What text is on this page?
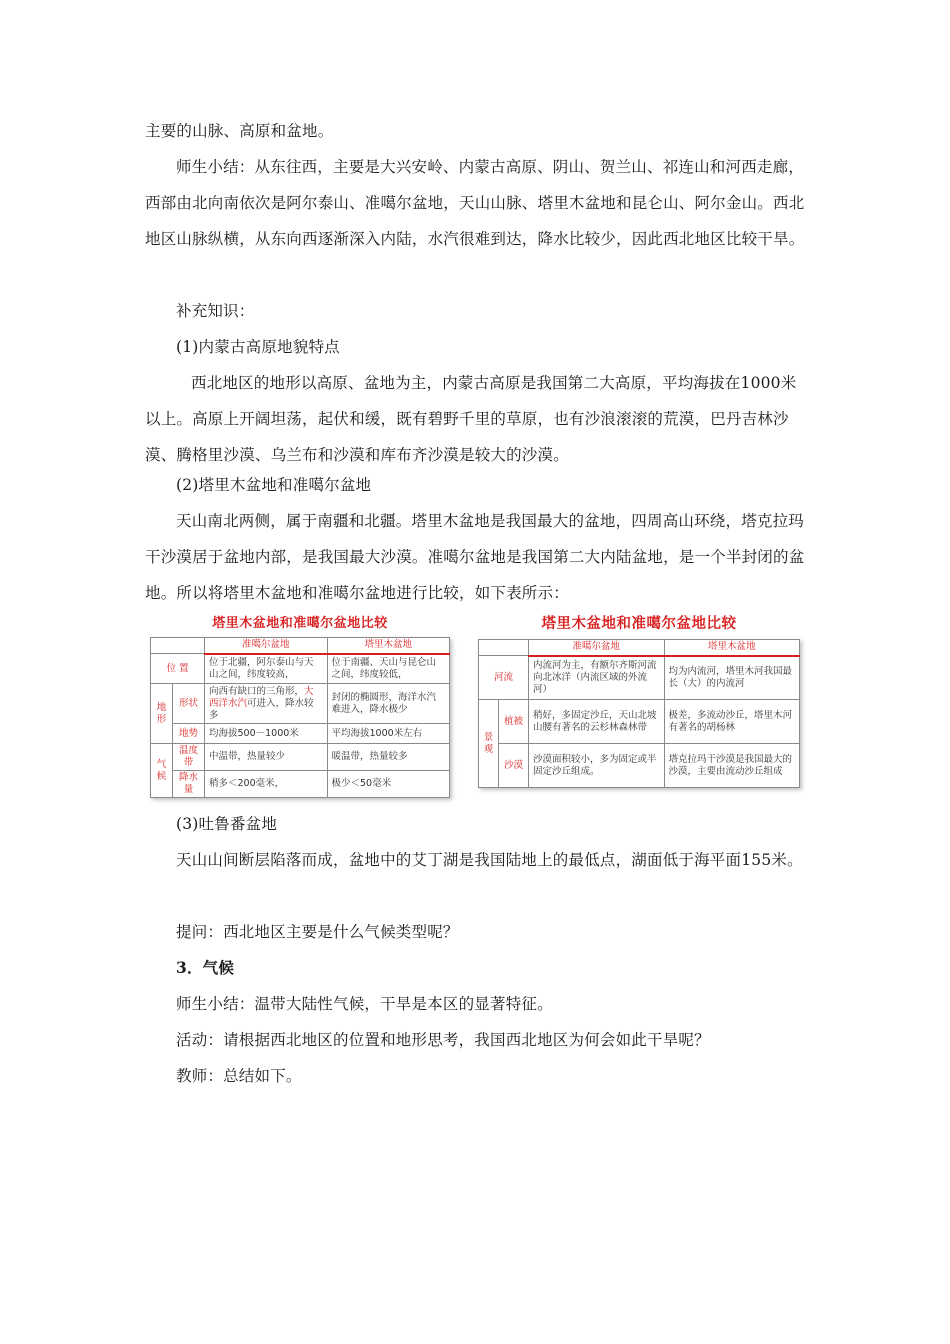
主要的山脉、高原和盆地。

师生小结：从东往西，主要是大兴安岭、内蒙古高原、阴山、贺兰山、祁连山和河西走廊，西部由北向南依次是阿尔泰山、准噶尔盆地，天山山脉、塔里木盆地和昆仑山、阿尔金山。西北地区山脉纵横，从东向西逐渐深入内陆，水汽很难到达，降水比较少，因此西北地区比较干旱。

补充知识：

(1)内蒙古高原地貌特点

西北地区的地形以高原、盆地为主，内蒙古高原是我国第二大高原，平均海拔在1000米以上。高原上开阔坦荡，起伏和缓，既有碧野千里的草原，也有沙浪滚滚的荒漠，巴丹吉林沙漠、腾格里沙漠、乌兰布和沙漠和库布齐沙漠是较大的沙漠。

(2)塔里木盆地和准噶尔盆地

天山南北两侧，属于南疆和北疆。塔里木盆地是我国最大的盆地，四周高山环绕，塔克拉玛干沙漠居于盆地内部，是我国最大沙漠。准噶尔盆地是我国第二大内陆盆地，是一个半封闭的盆地。所以将塔里木盆地和准噶尔盆地进行比较，如下表所示：

塔里木盆地和准噶尔盆地比较
		准噶尔盆地	塔里木盆地
位 置		位于北疆，阿尔泰山与天山之间，纬度较高，	位于南疆、天山与昆仑山之间，纬度较低，
地形	形状	向西有缺口的三角形，大西洋水汽可进入，降水较多	封闭的椭圆形，海洋水汽难进入，降水极少
	地势	均海拔500－1000米	平均海拔1000米左右
气候	温度带	中温带，热量较少	暖温带，热量较多
	降水量	稍多＜200毫米，	极少＜50毫米
塔里木盆地和准噶尔盆地比较
		准噶尔盆地	塔里木盆地
河流		内流河为主，有额尔齐斯河流向北冰洋（内流区域的外流河）	均为内流河，塔里木河我国最长（大）的内流河
景观	植被	稍好，多固定沙丘，天山北坡山腰有著名的云杉林森林带	极差，多流动沙丘，塔里木河有著名的胡杨林
	沙漠	沙漠面积较小，多为固定或半固定沙丘组成。	塔克拉玛干沙漠是我国最大的沙漠，主要由流动沙丘组成

(3)吐鲁番盆地

天山山间断层陷落而成，盆地中的艾丁湖是我国陆地上的最低点，湖面低于海平面155米。

提问：西北地区主要是什么气候类型呢？

3．气候

师生小结：温带大陆性气候，干旱是本区的显著特征。

活动：请根据西北地区的位置和地形思考，我国西北地区为何会如此干旱呢？

教师：总结如下。
